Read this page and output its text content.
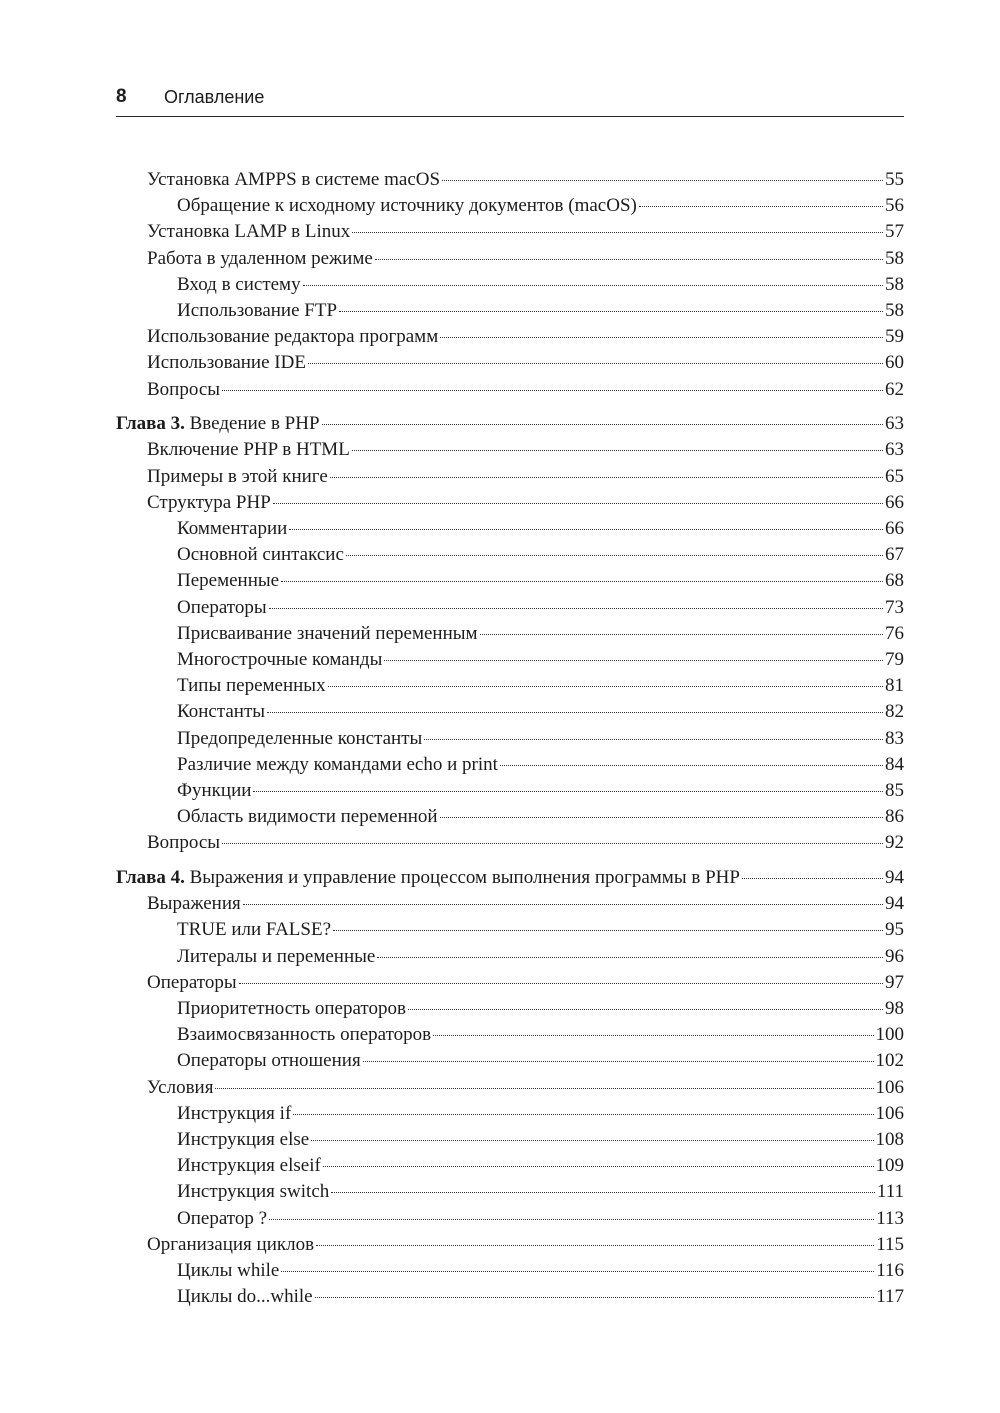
8 Оглавление
Установка AMPPS в системе macOS	55
Обращение к исходному источнику документов (macOS)	56
Установка LAMP в Linux	57
Работа в удаленном режиме	58
Вход в систему	58
Использование FTP	58
Использование редактора программ	59
Использование IDE	60
Вопросы	62
Глава 3. Введение в PHP	63
Включение PHP в HTML	63
Примеры в этой книге	65
Структура PHP	66
Комментарии	66
Основной синтаксис	67
Переменные	68
Операторы	73
Присваивание значений переменным	76
Многострочные команды	79
Типы переменных	81
Константы	82
Предопределенные константы	83
Различие между командами echo и print	84
Функции	85
Область видимости переменной	86
Вопросы	92
Глава 4. Выражения и управление процессом выполнения программы в PHP	94
Выражения	94
TRUE или FALSE?	95
Литералы и переменные	96
Операторы	97
Приоритетность операторов	98
Взаимосвязанность операторов	100
Операторы отношения	102
Условия	106
Инструкция if	106
Инструкция else	108
Инструкция elseif	109
Инструкция switch	111
Оператор ?	113
Организация циклов	115
Циклы while	116
Циклы do...while	117
